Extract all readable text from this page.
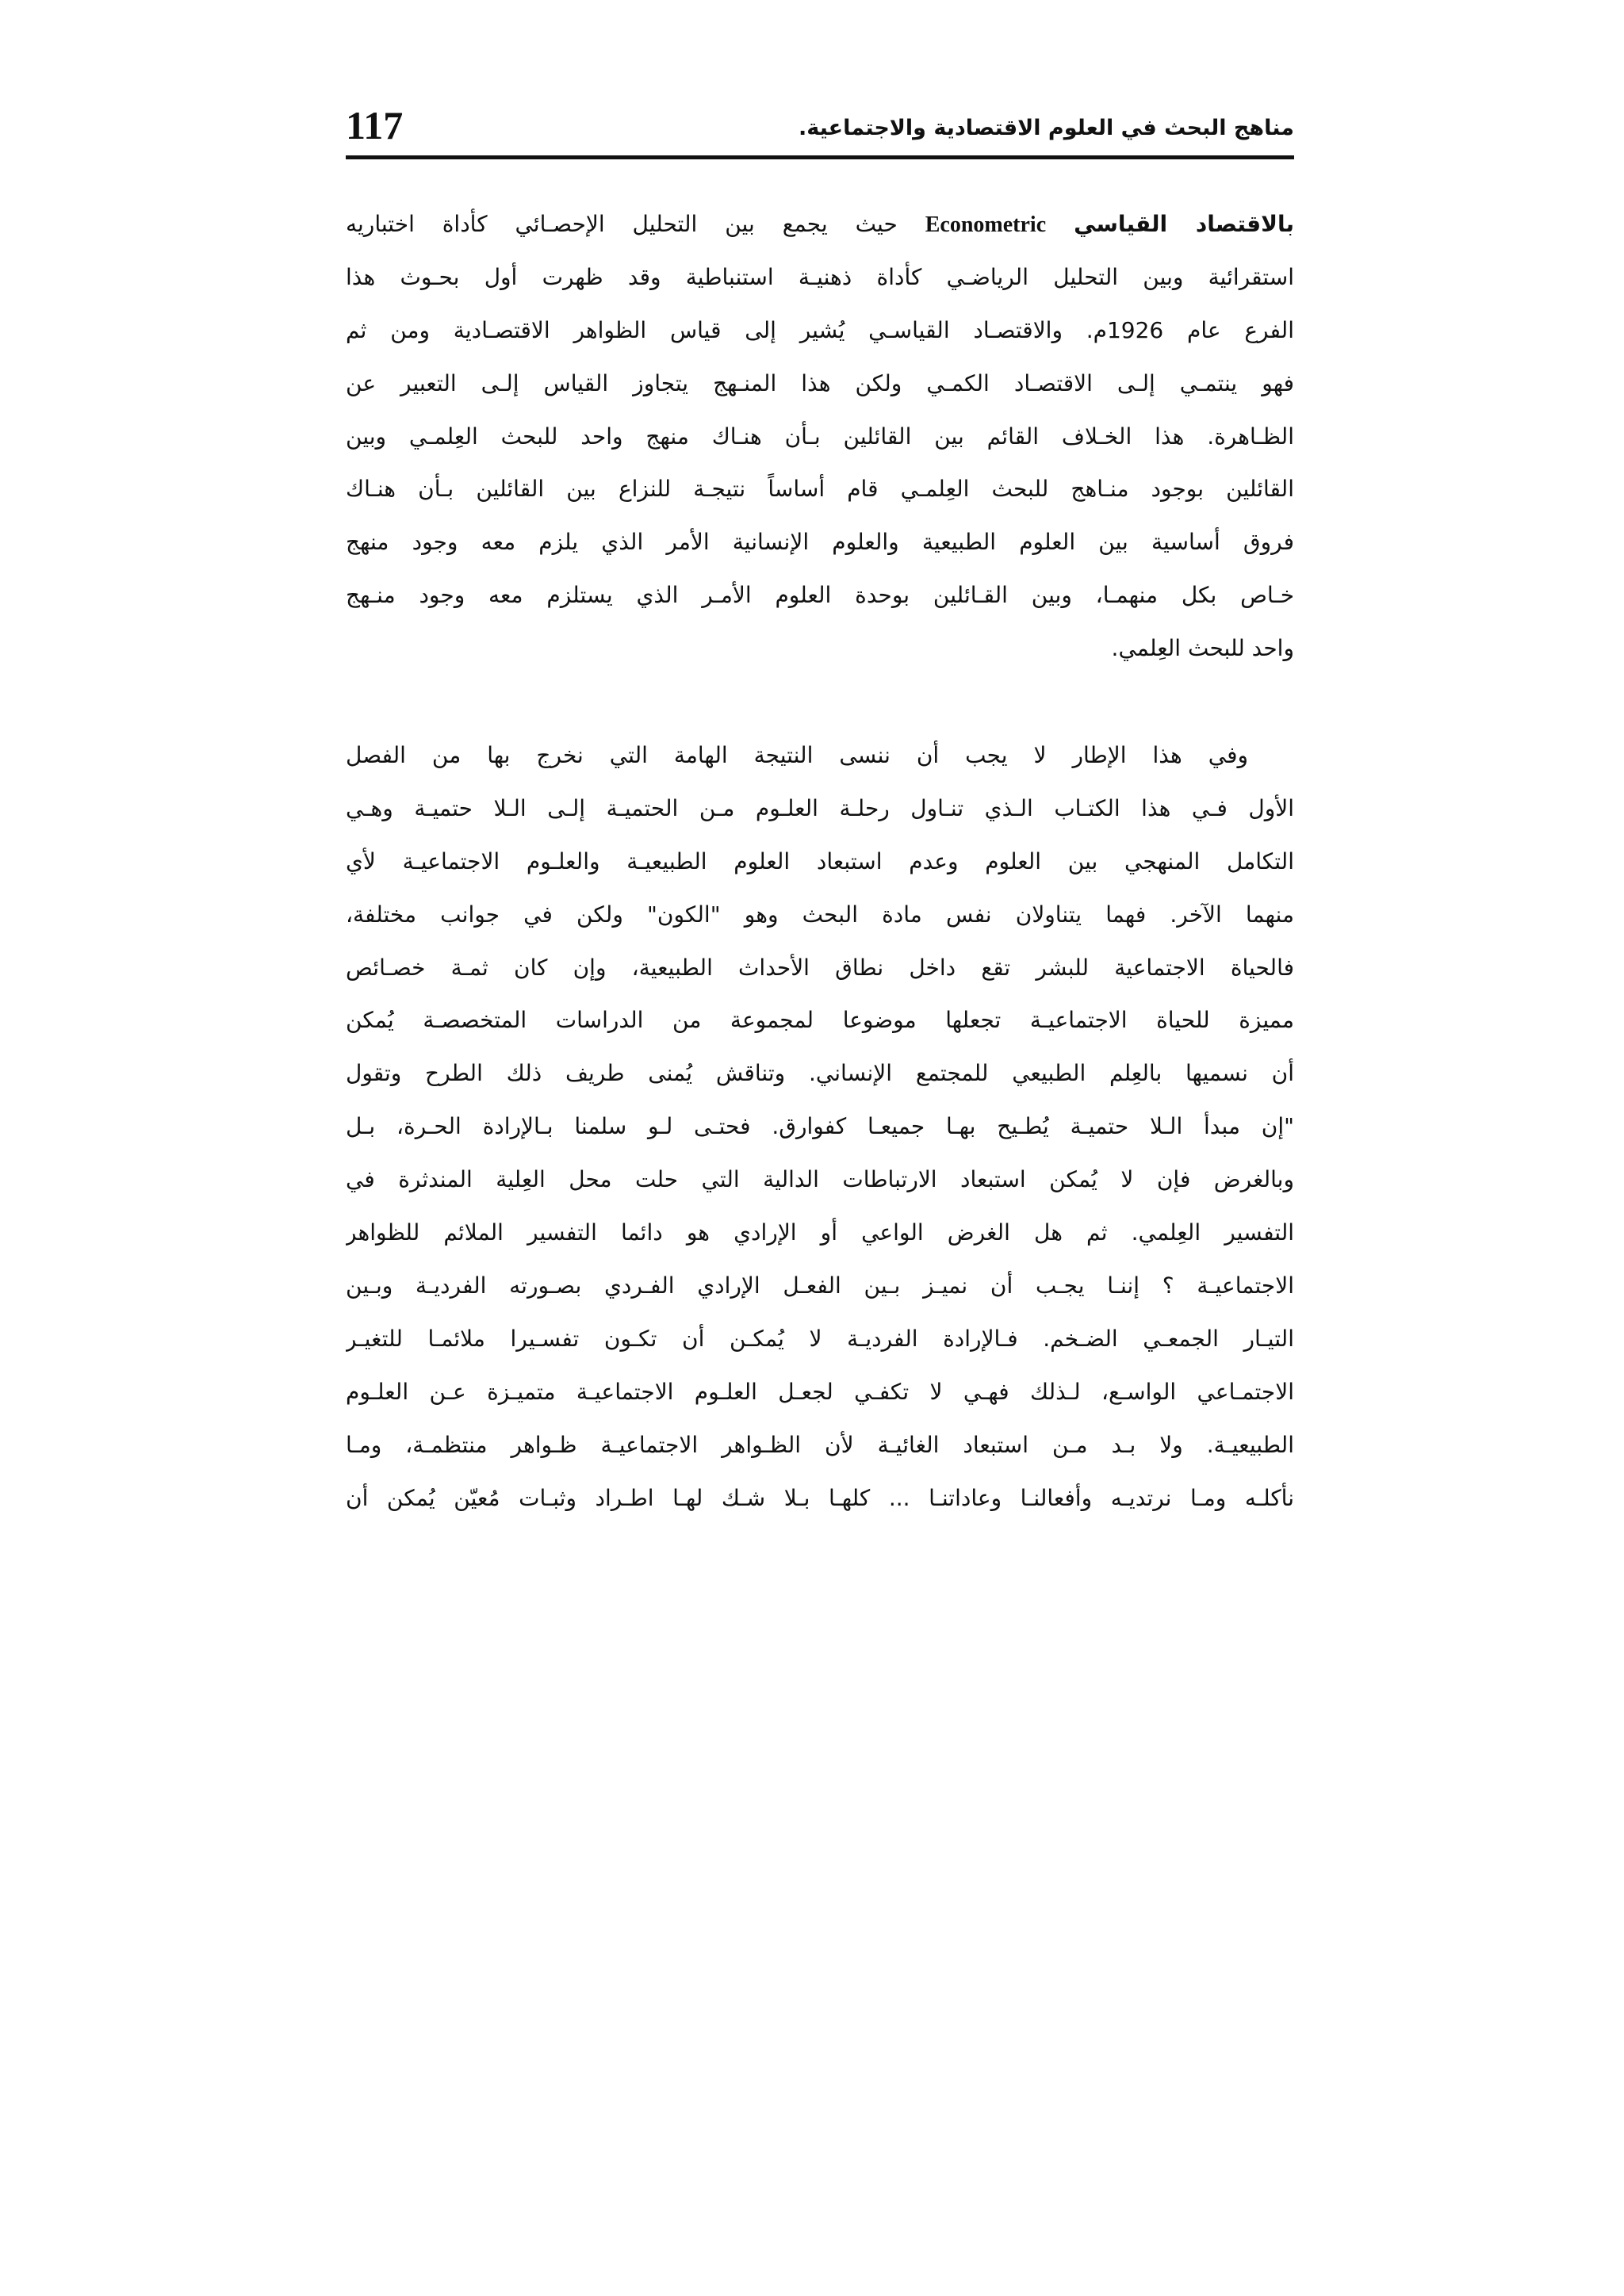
117	مناهج البحث في العلوم الاقتصادية والاجتماعية.
بالاقتصاد القياسي Econometric حيث يجمع بين التحليل الإحصـائي كأداة اختباريه
استقرائية وبين التحليل الرياضـي كأداة ذهنيـة استنباطية وقد ظهرت أول بحـوث هذا
الفرع عام 1926م. والاقتصـاد القياسـي يُشير إلى قياس الظواهر الاقتصـادية ومن ثم
فهو ينتمـي إلـى الاقتصـاد الكمـي ولكن هذا المنـهج يتجاوز القياس إلـى التعبير عن
الظـاهرة. هذا الخـلاف القائم بين القائلين بـأن هنـاك منهج واحد للبحث العِلمـي وبين
القائلين بوجود منـاهج للبحث العِلمـي قام أساساً نتيجـة للنزاع بين القائلين بـأن هنـاك
فروق أساسية بين العلوم الطبيعية والعلوم الإنسانية الأمر الذي يلزم معه وجود منهج
خـاص بكل منهمـا، وبين القـائلين بوحدة العلوم الأمـر الذي يستلزم معه وجود منـهج
واحد للبحث العِلمي.
وفي هذا الإطار لا يجب أن ننسى النتيجة الهامة التي نخرج بها من الفصل
الأول فـي هذا الكتـاب الـذي تنـاول رحلـة العلـوم مـن الحتميـة إلـى الـلا حتميـة وهـي
التكامل المنهجي بين العلوم وعدم استبعاد العلوم الطبيعيـة والعلـوم الاجتماعيـة لأي
منهما الآخر. فهما يتناولان نفس مادة البحث وهو "الكون" ولكن في جوانب مختلفة،
فالحياة الاجتماعية للبشر تقع داخل نطاق الأحداث الطبيعية، وإن كان ثمـة خصـائص
مميزة للحياة الاجتماعيـة تجعلها موضوعا لمجموعة من الدراسات المتخصصـة يُمكن
أن نسميها بالعِلم الطبيعي للمجتمع الإنساني. وتناقش يُمنى طريف ذلك الطرح وتقول
"إن مبدأ الـلا حتميـة يُطـيح بهـا جميعـا كفوارق. فحتـى لـو سلمنا بـالإرادة الحـرة، بـل
وبالغرض فإن لا يُمكن استبعاد الارتباطات الدالية التي حلت محل العِلية المندثرة في
التفسير العِلمي. ثم هل الغرض الواعي أو الإرادي هو دائما التفسير الملائم للظواهر
الاجتماعيـة ؟ إننـا يجـب أن نميـز بـين الفعـل الإرادي الفـردي بصـورته الفرديـة وبـين
التيـار الجمعـي الضـخم. فـالإرادة الفرديـة لا يُمكـن أن تكـون تفسـيرا ملائمـا للتغيـر
الاجتمـاعي الواسـع، لـذلك فهـي لا تكفـي لجعـل العلـوم الاجتماعيـة متميـزة عـن العلـوم
الطبيعيـة. ولا بـد مـن استبعاد الغائيـة لأن الظـواهر الاجتماعيـة ظـواهر منتظمـة، ومـا
نأكلـه ومـا نرتديـه وأفعالنـا وعاداتنـا ... كلهـا بـلا شـك لهـا اطـراد وثبـات مُعيّن يُمكن أن
